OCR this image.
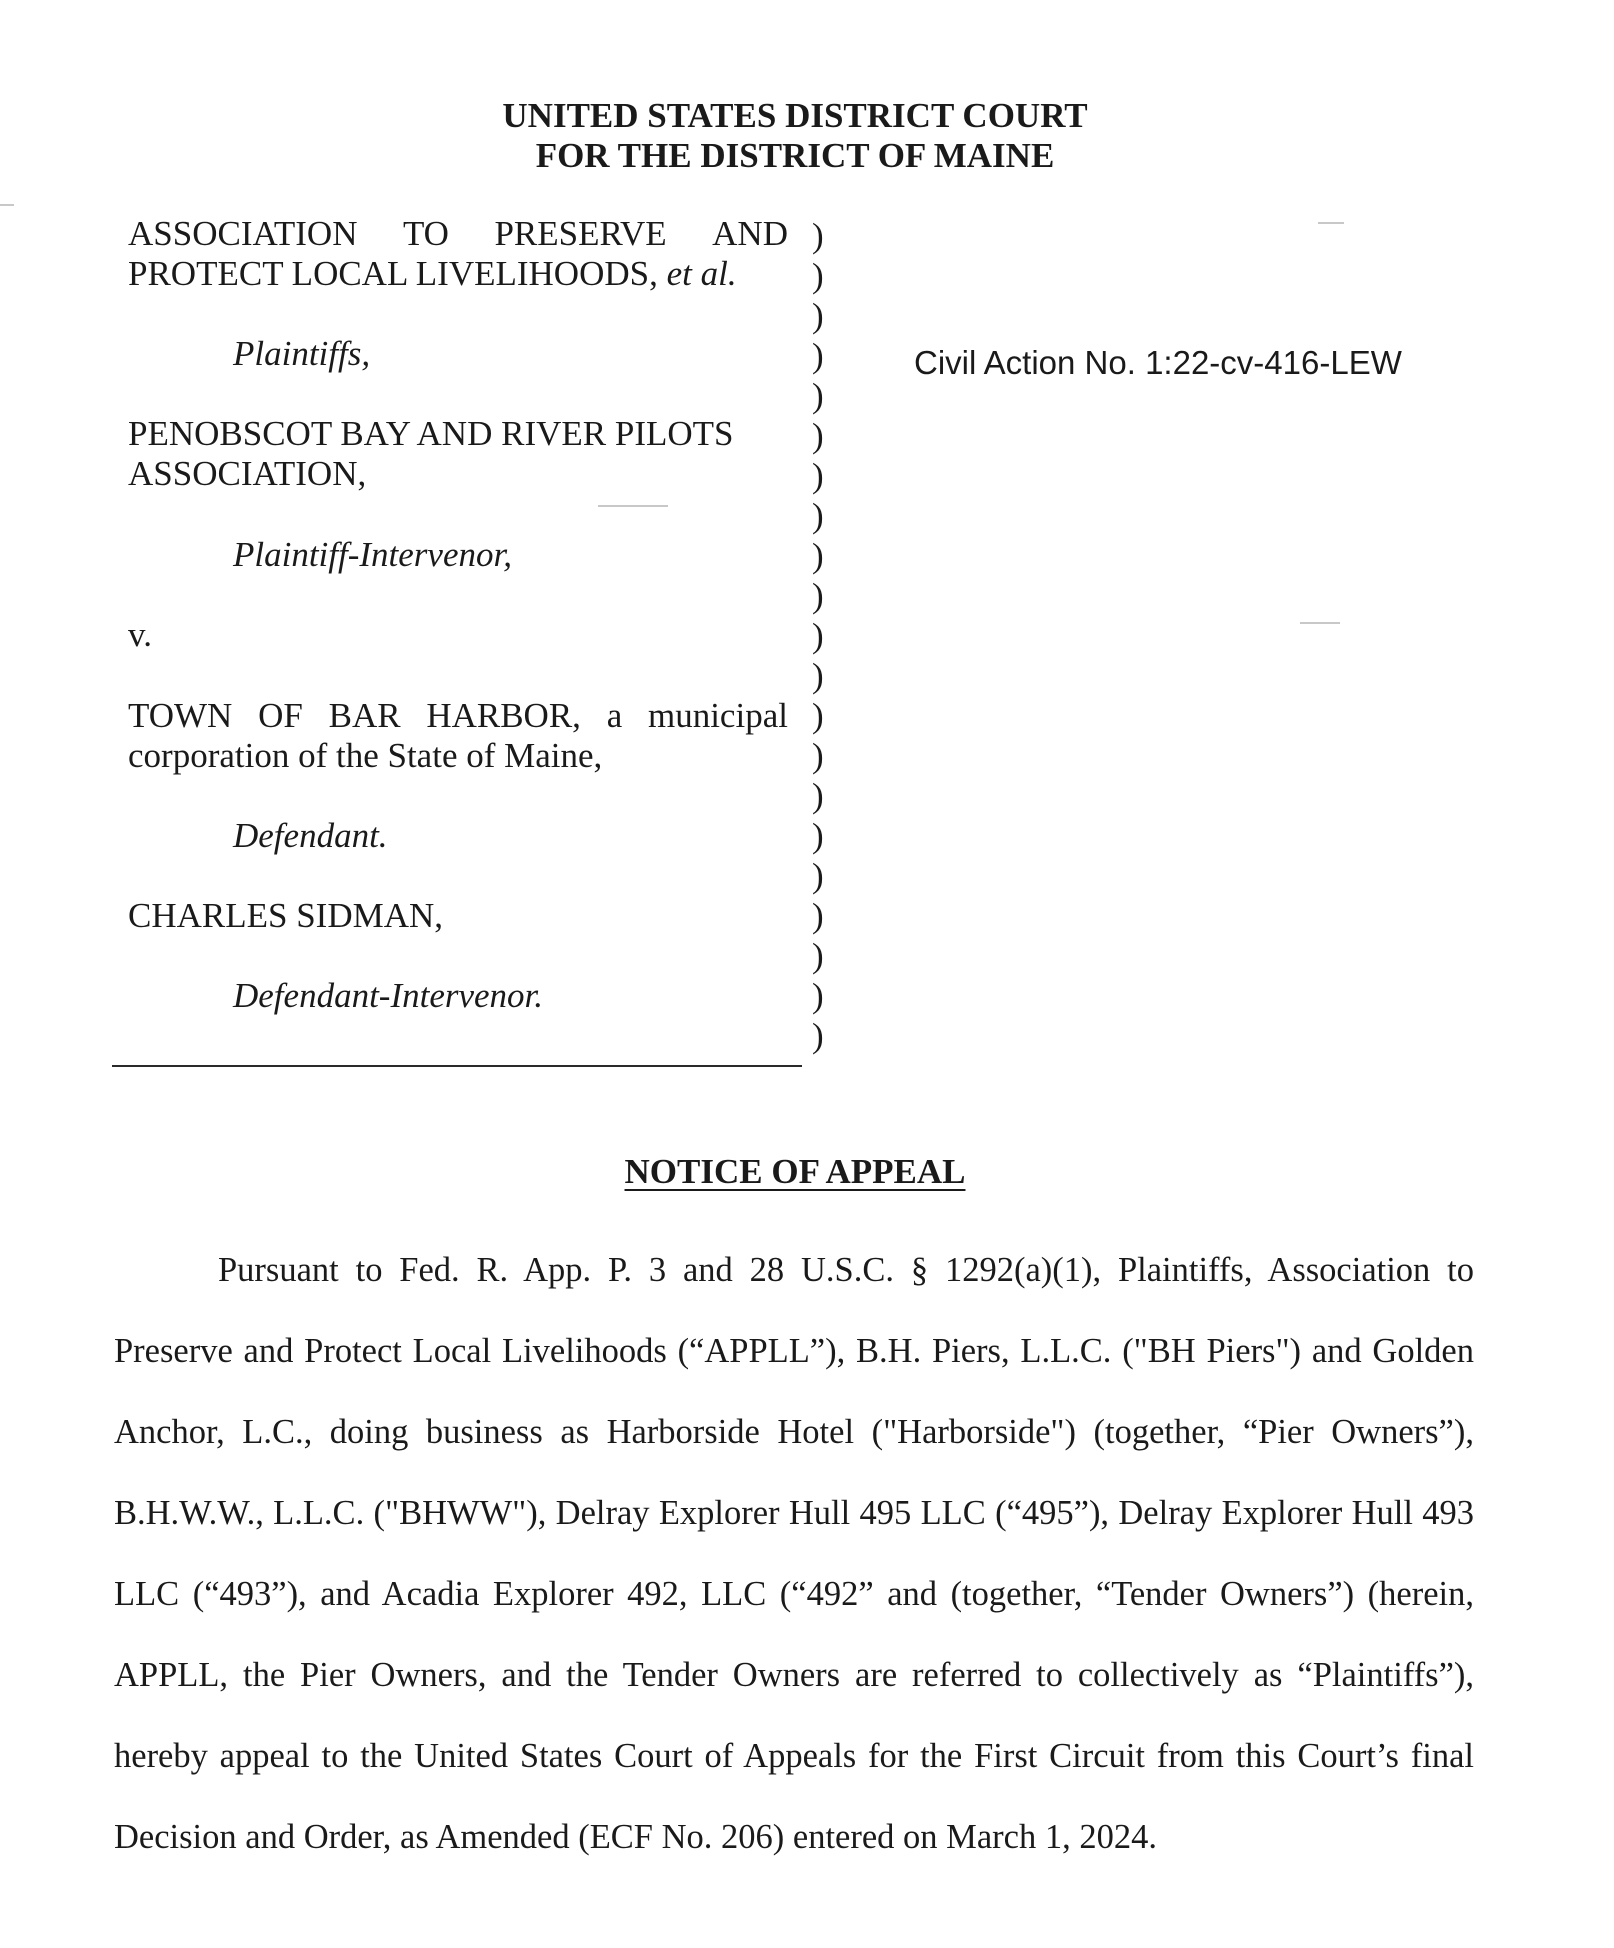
UNITED STATES DISTRICT COURT
FOR THE DISTRICT OF MAINE
ASSOCIATION TO PRESERVE AND
PROTECT LOCAL LIVELIHOODS, et al.
Plaintiffs,
PENOBSCOT BAY AND RIVER PILOTS
ASSOCIATION,
Plaintiff-Intervenor,
v.
TOWN OF BAR HARBOR, a municipal
corporation of the State of Maine,
Defendant.
CHARLES SIDMAN,
Defendant-Intervenor.
)
)
)
)
)
)
)
)
)
)
)
)
)
)
)
)
)
)
)
)
)
Civil Action No. 1:22-cv-416-LEW
NOTICE OF APPEAL

Pursuant to Fed. R. App. P. 3 and 28 U.S.C. § 1292(a)(1), Plaintiffs, Association to Preserve and Protect Local Livelihoods (“APPLL”), B.H. Piers, L.L.C. ("BH Piers") and Golden Anchor, L.C., doing business as Harborside Hotel ("Harborside") (together, “Pier Owners”), B.H.W.W., L.L.C. ("BHWW"), Delray Explorer Hull 495 LLC (“495”), Delray Explorer Hull 493 LLC (“493”), and Acadia Explorer 492, LLC (“492” and (together, “Tender Owners”) (herein, APPLL, the Pier Owners, and the Tender Owners are referred to collectively as “Plaintiffs”), hereby appeal to the United States Court of Appeals for the First Circuit from this Court’s final Decision and Order, as Amended (ECF No. 206) entered on March 1, 2024.
